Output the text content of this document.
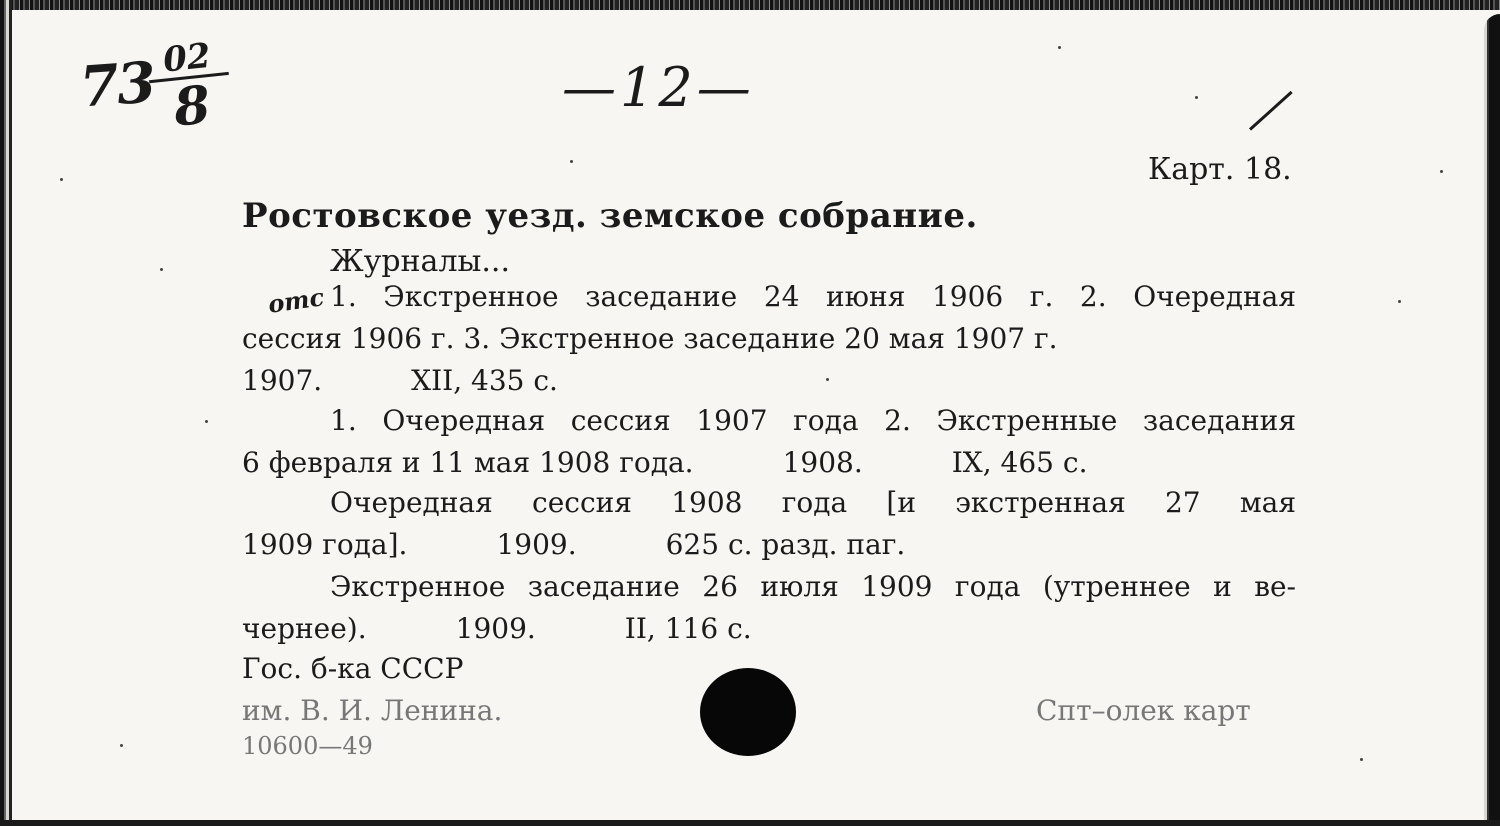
73 02
8	—12—
Карт. 18.
Ростовское уезд. земское собрание.
Журналы...
отс 1. Экстренное заседание 24 июня 1906 г. 2. Очередная
сессия 1906 г. 3. Экстренное заседание 20 мая 1907 г.
1907.          XII, 435 с.
1. Очередная сессия 1907 года 2. Экстренные заседания
6 февраля и 11 мая 1908 года.          1908.          IX, 465 с.
Очередная сессия 1908 года [и экстренная 27 мая
1909 года].          1909.          625 с. разд. паг.
Экстренное заседание 26 июля 1909 года (утреннее и ве-
чернее).          1909.          II, 116 с.
Гос. б-ка СССР
им. В. И. Ленина.
10600—49
Спт–олек карт
